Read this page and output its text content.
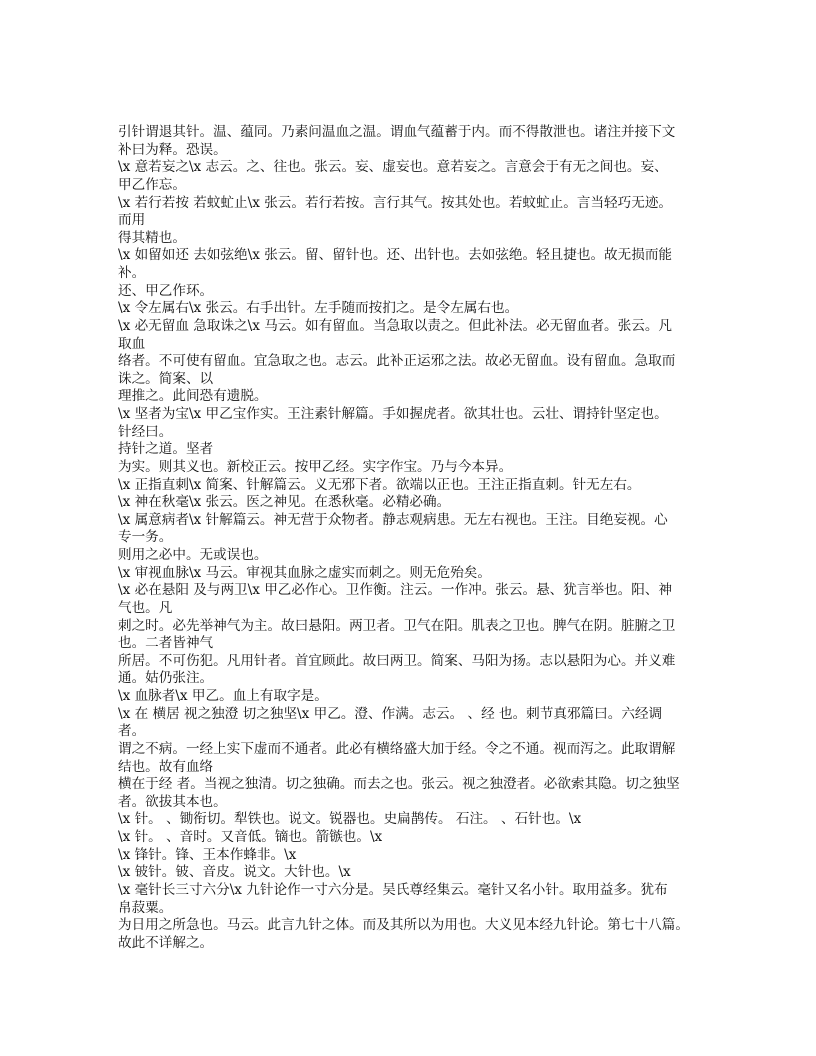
引针谓退其针。温、蕴同。乃素问温血之温。谓血气蕴蓄于内。而不得散泄也。诸注并接下文
补曰为释。恐误。
\x 意若妄之\x 志云。之、往也。张云。妄、虚妄也。意若妄之。言意会于有无之间也。妄、
甲乙作忘。
\x 若行若按 若蚊虻止\x 张云。若行若按。言行其气。按其处也。若蚊虻止。言当轻巧无迹。
而用
得其精也。
\x 如留如还 去如弦绝\x 张云。留、留针也。还、出针也。去如弦绝。轻且捷也。故无损而能
补。
还、甲乙作环。
\x 令左属右\x 张云。右手出针。左手随而按扪之。是令左属右也。
\x 必无留血 急取诛之\x 马云。如有留血。当急取以责之。但此补法。必无留血者。张云。凡
取血
络者。不可使有留血。宜急取之也。志云。此补正运邪之法。故必无留血。设有留血。急取而
诛之。简案、以
理推之。此间恐有遗脱。
\x 坚者为宝\x 甲乙宝作实。王注素针解篇。手如握虎者。欲其壮也。云壮、谓持针坚定也。
针经曰。
持针之道。坚者
为实。则其义也。新校正云。按甲乙经。实字作宝。乃与今本异。
\x 正指直刺\x 简案、针解篇云。义无邪下者。欲端以正也。王注正指直刺。针无左右。
\x 神在秋毫\x 张云。医之神见。在悉秋毫。必精必确。
\x 属意病者\x 针解篇云。神无营于众物者。静志观病患。无左右视也。王注。目绝妄视。心
专一务。
则用之必中。无或误也。
\x 审视血脉\x 马云。审视其血脉之虚实而刺之。则无危殆矣。
\x 必在悬阳 及与两卫\x 甲乙必作心。卫作衡。注云。一作冲。张云。悬、犹言举也。阳、神
气也。凡
刺之时。必先举神气为主。故曰悬阳。两卫者。卫气在阳。肌表之卫也。脾气在阴。脏腑之卫
也。二者皆神气
所居。不可伤犯。凡用针者。首宜顾此。故曰两卫。简案、马阳为扬。志以悬阳为心。并义难
通。姑仍张注。
\x 血脉者\x 甲乙。血上有取字是。
\x 在 横居 视之独澄 切之独坚\x 甲乙。澄、作满。志云。 、经 也。刺节真邪篇曰。六经调
者。
谓之不病。一经上实下虚而不通者。此必有横络盛大加于经。令之不通。视而泻之。此取谓解
结也。故有血络
横在于经 者。当视之独清。切之独确。而去之也。张云。视之独澄者。必欲索其隐。切之独坚
者。欲拔其本也。
\x 针。 、锄衔切。犁铁也。说文。锐器也。史扁鹊传。 石注。 、石针也。\x
\x 针。 、音时。又音低。镝也。箭镞也。\x
\x 锋针。锋、王本作蜂非。\x
\x 铍针。铍、音皮。说文。大针也。\x
\x 毫针长三寸六分\x 九针论作一寸六分是。吴氏尊经集云。毫针又名小针。取用益多。犹布
帛菽粟。
为日用之所急也。马云。此言九针之体。而及其所以为用也。大义见本经九针论。第七十八篇。
故此不详解之。
